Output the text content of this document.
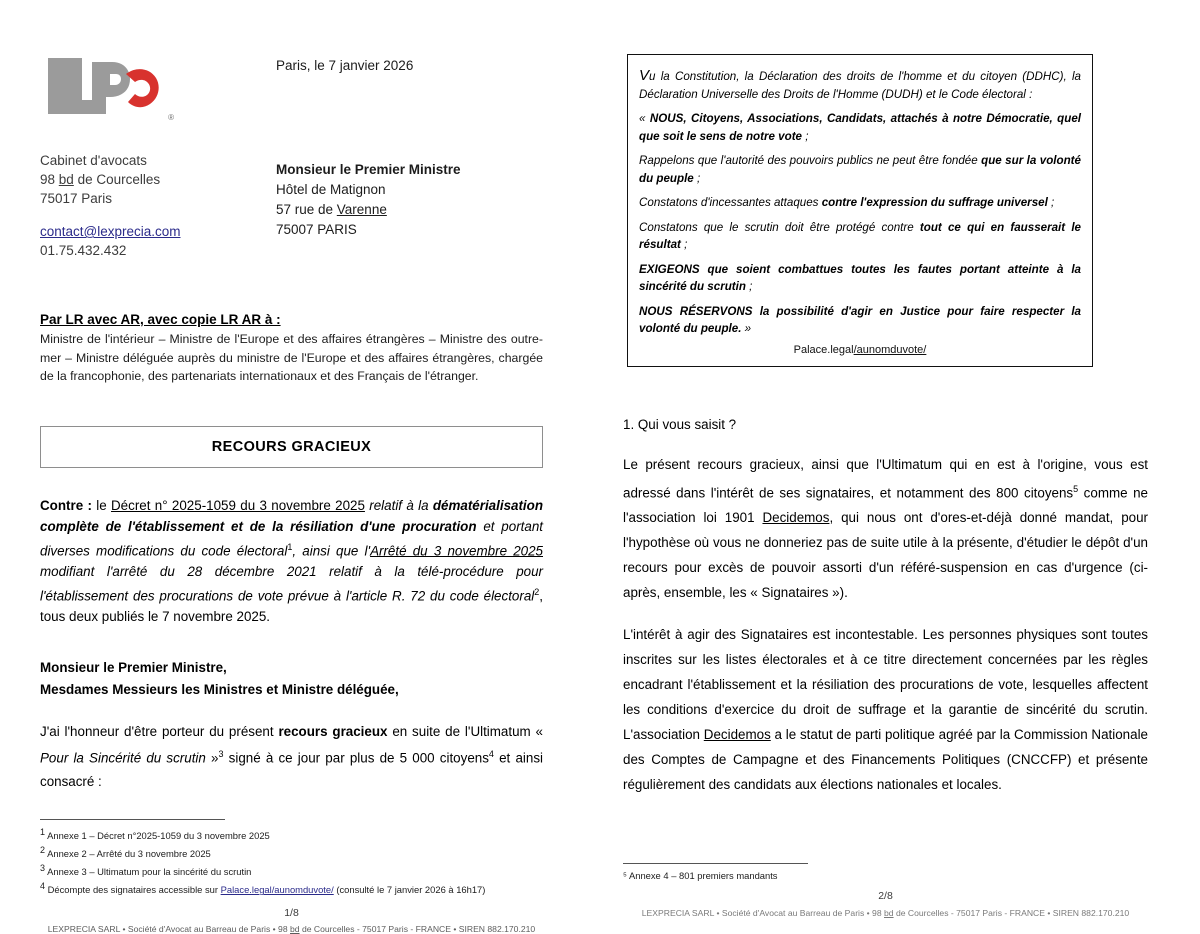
®
Cabinet d'avocats
98 bd de Courcelles
75017 Paris
contact@lexprecia.com
01.75.432.432
Paris, le 7 janvier 2026
Monsieur le Premier Ministre
Hôtel de Matignon
57 rue de Varenne
75007 PARIS
Par LR avec AR, avec copie LR AR à :
Ministre de l'intérieur – Ministre de l'Europe et des affaires étrangères – Ministre des outre-mer – Ministre déléguée auprès du ministre de l'Europe et des affaires étrangères, chargée de la francophonie, des partenariats internationaux et des Français de l'étranger.
RECOURS GRACIEUX
Contre : le Décret n° 2025-1059 du 3 novembre 2025 relatif à la dématérialisation complète de l'établissement et de la résiliation d'une procuration et portant diverses modifications du code électoral$^1$, ainsi que l'Arrêté du 3 novembre 2025 modifiant l'arrêté du 28 décembre 2021 relatif à la télé-procédure pour l'établissement des procurations de vote prévue à l'article R. 72 du code électoral$^2$, tous deux publiés le 7 novembre 2025.
Monsieur le Premier Ministre,
Mesdames Messieurs les Ministres et Ministre déléguée,
J'ai l'honneur d'être porteur du présent recours gracieux en suite de l'Ultimatum « Pour la Sincérité du scrutin »$^3$ signé à ce jour par plus de 5 000 citoyens$^4$ et ainsi consacré :
$^1$ Annexe 1 – Décret n°2025-1059 du 3 novembre 2025
$^2$ Annexe 2 – Arrêté du 3 novembre 2025
$^3$ Annexe 3 – Ultimatum pour la sincérité du scrutin
$^4$ Décompte des signataires accessible sur Palace.legal/aunomduvote/ (consulté le 7 janvier 2026 à 16h17)
1/8
LEXPRECIA SARL • Société d'Avocat au Barreau de Paris • 98 bd de Courcelles - 75017 Paris - FRANCE • SIREN 882.170.210

Vu la Constitution, la Déclaration des droits de l'homme et du citoyen (DDHC), la Déclaration Universelle des Droits de l'Homme (DUDH) et le Code électoral :

« NOUS, Citoyens, Associations, Candidats, attachés à notre Démocratie, quel que soit le sens de notre vote ;

Rappelons que l'autorité des pouvoirs publics ne peut être fondée que sur la volonté du peuple ;

Constatons d'incessantes attaques contre l'expression du suffrage universel ;

Constatons que le scrutin doit être protégé contre tout ce qui en fausserait le résultat ;

EXIGEONS que soient combattues toutes les fautes portant atteinte à la sincérité du scrutin ;

NOUS RÉSERVONS la possibilité d'agir en Justice pour faire respecter la volonté du peuple. »

Palace.legal/aunomduvote/
1. Qui vous saisit ?
Le présent recours gracieux, ainsi que l'Ultimatum qui en est à l'origine, vous est adressé dans l'intérêt de ses signataires, et notamment des 800 citoyens$^5$ comme ne l'association loi 1901 Decidemos, qui nous ont d'ores-et-déjà donné mandat, pour l'hypothèse où vous ne donneriez pas de suite utile à la présente, d'étudier le dépôt d'un recours pour excès de pouvoir assorti d'un référé-suspension en cas d'urgence (ci-après, ensemble, les « Signataires »).
L'intérêt à agir des Signataires est incontestable. Les personnes physiques sont toutes inscrites sur les listes électorales et à ce titre directement concernées par les règles encadrant l'établissement et la résiliation des procurations de vote, lesquelles affectent les conditions d'exercice du droit de suffrage et la garantie de sincérité du scrutin. L'association Decidemos a le statut de parti politique agréé par la Commission Nationale des Comptes de Campagne et des Financements Politiques (CNCCFP) et présente régulièrement des candidats aux élections nationales et locales.
⁵ Annexe 4 – 801 premiers mandants
2/8
LEXPRECIA SARL • Société d'Avocat au Barreau de Paris • 98 bd de Courcelles - 75017 Paris - FRANCE • SIREN 882.170.210
